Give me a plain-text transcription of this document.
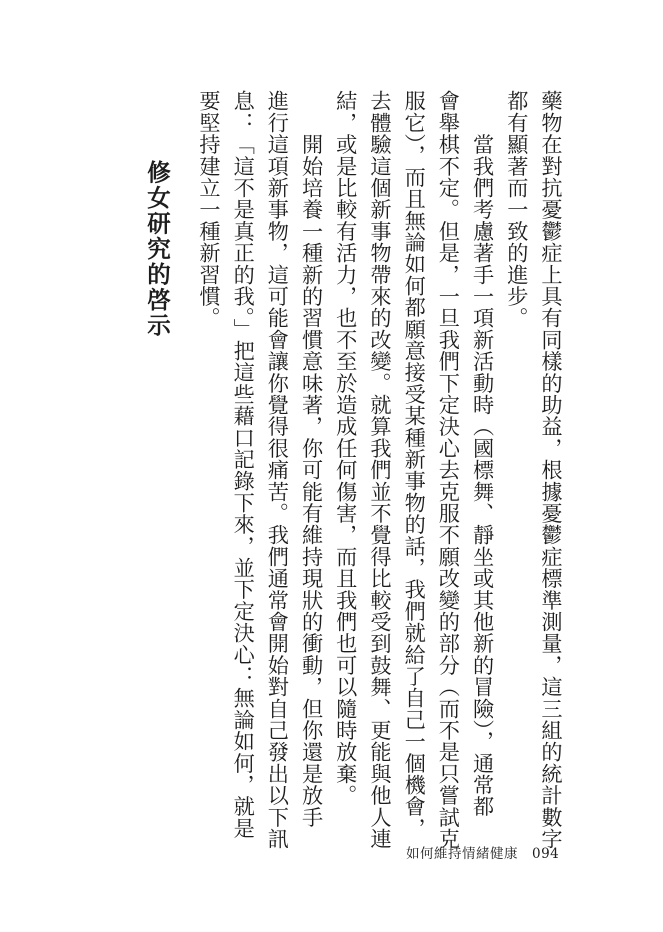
藥物在對抗憂鬱症上具有同樣的助益，根據憂鬱症標準測量，這三組的統計數字

都有顯著而一致的進步。

　　當我們考慮著手一項新活動時（國標舞、靜坐或其他新的冒險），通常都

會舉棋不定。但是，一旦我們下定決心去克服不願改變的部分（而不是只嘗試克

服它），而且無論如何都願意接受某種新事物的話，我們就給了自己一個機會，

去體驗這個新事物帶來的改變。就算我們並不覺得比較受到鼓舞、更能與他人連

結，或是比較有活力，也不至於造成任何傷害，而且我們也可以隨時放棄。

　　開始培養一種新的習慣意味著，你可能有維持現狀的衝動，但你還是放手

進行這項新事物，這可能會讓你覺得很痛苦。我們通常會開始對自己發出以下訊

息：「這不是真正的我。」把這些藉口記錄下來，並下定決心：無論如何，就是

要堅持建立一種新習慣。

修女研究的啓示
如何維持情緒健康 094
